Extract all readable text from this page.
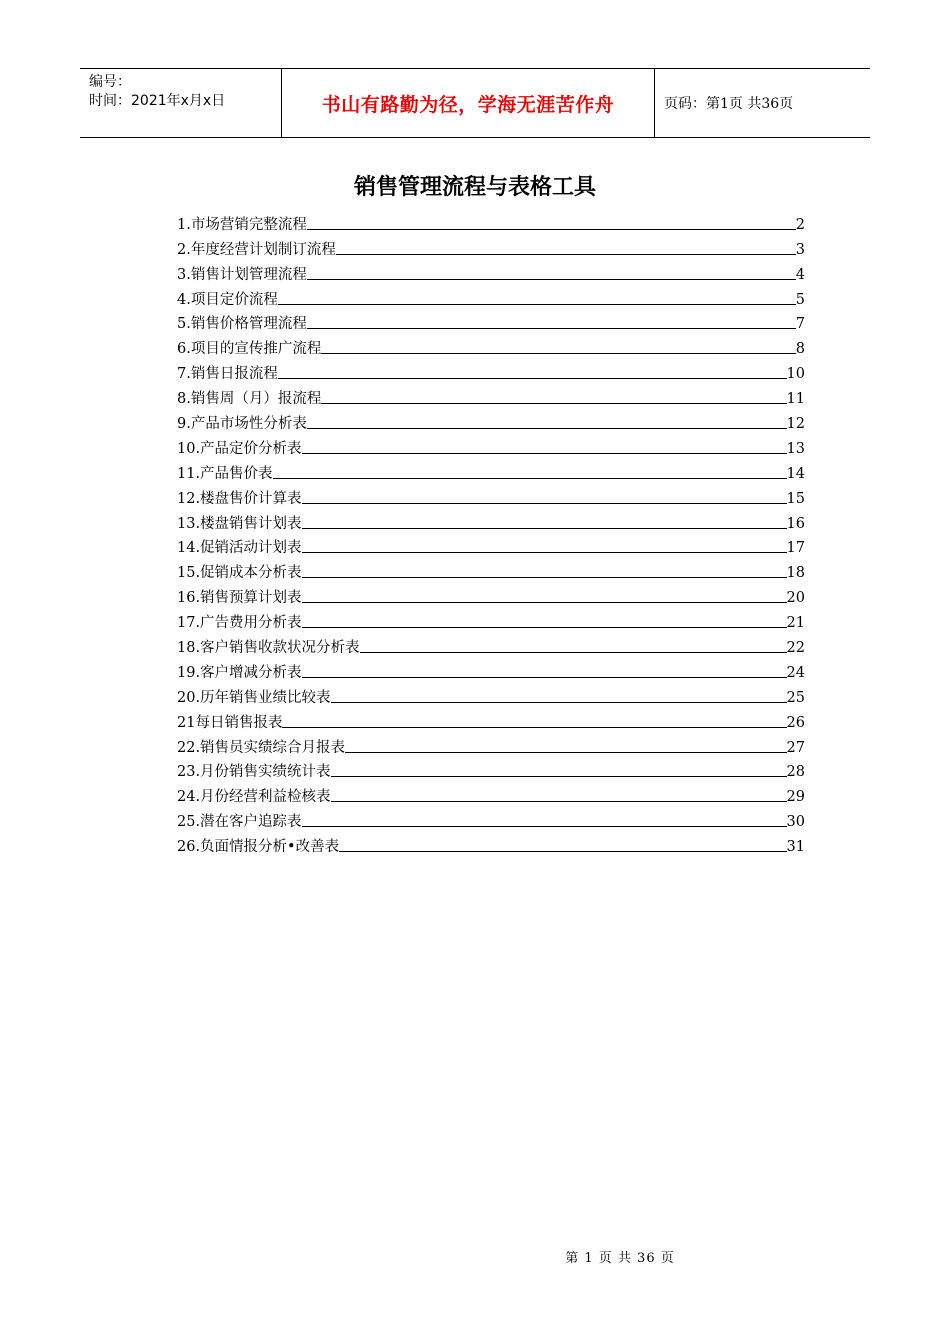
编号：
时间：2021年x月x日	书山有路勤为径，学海无涯苦作舟	页码：第1页 共36页
销售管理流程与表格工具
1.市场营销完整流程	2
2.年度经营计划制订流程	3
3.销售计划管理流程	4
4.项目定价流程	5
5.销售价格管理流程	7
6.项目的宣传推广流程	8
7.销售日报流程	10
8.销售周（月）报流程	11
9.产品市场性分析表	12
10.产品定价分析表	13
11.产品售价表	14
12.楼盘售价计算表	15
13.楼盘销售计划表	16
14.促销活动计划表	17
15.促销成本分析表	18
16.销售预算计划表	20
17.广告费用分析表	21
18.客户销售收款状况分析表	22
19.客户增减分析表	24
20.历年销售业绩比较表	25
21每日销售报表	26
22.销售员实绩综合月报表	27
23.月份销售实绩统计表	28
24.月份经营利益检核表	29
25.潜在客户追踪表	30
26.负面情报分析•改善表	31
第 1 页 共 36 页
